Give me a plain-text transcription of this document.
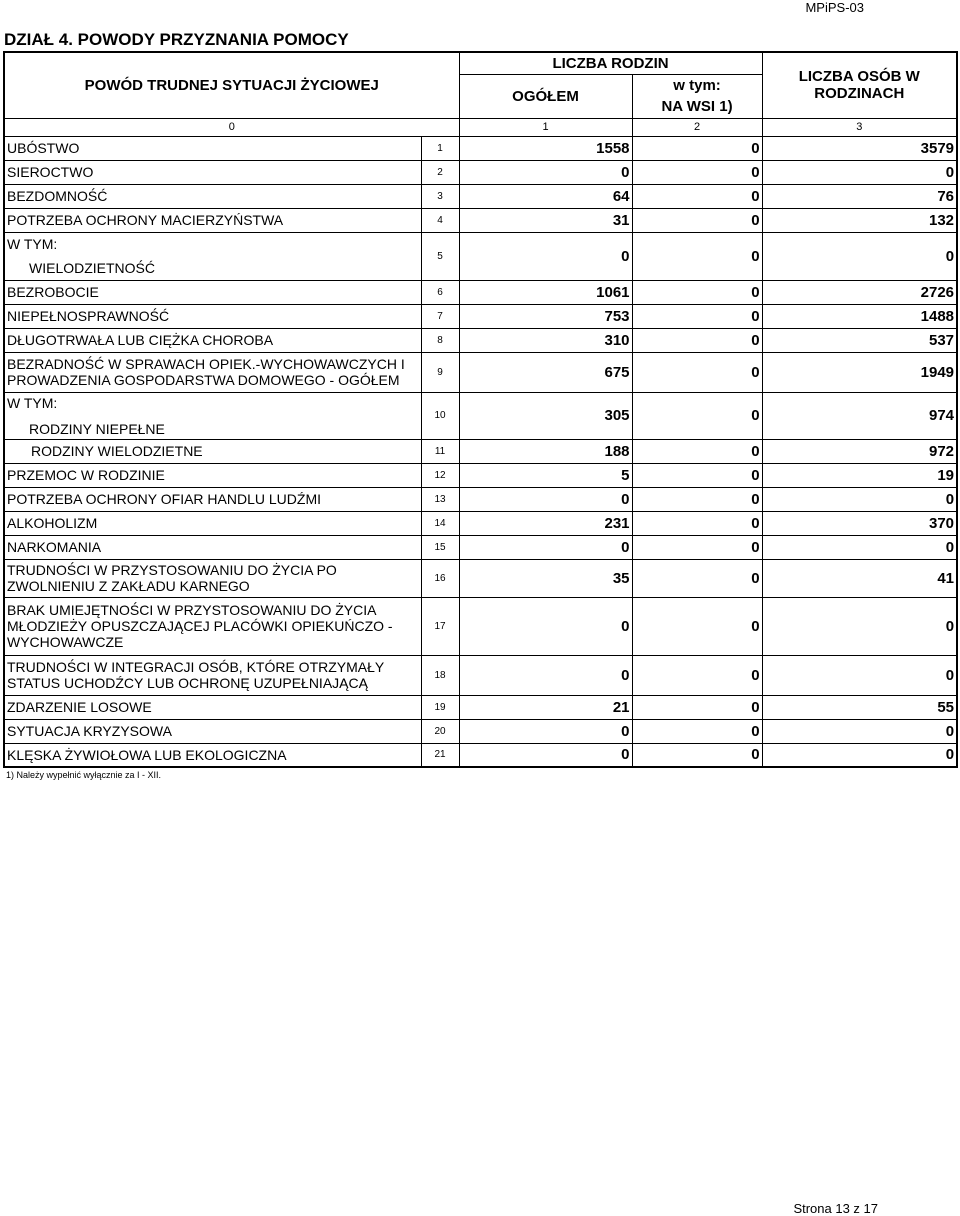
MPiPS-03
DZIAŁ 4. POWODY PRZYZNANIA POMOCY
POWÓD TRUDNEJ SYTUACJI ŻYCIOWEJ		LICZBA RODZIN		LICZBA OSÓB W RODZINACH
		OGÓŁEM	w tym:	
			NA WSI 1)	
0		1	2	3
UBÓSTWO	1	1558	0	3579
SIEROCTWO	2	0	0	0
BEZDOMNOŚĆ	3	64	0	76
POTRZEBA OCHRONY MACIERZYŃSTWA	4	31	0	132

W TYM:
WIELODZIETNOŚĆ	5	0	0	0
BEZROBOCIE	6	1061	0	2726
NIEPEŁNOSPRAWNOŚĆ	7	753	0	1488
DŁUGOTRWAŁA LUB CIĘŻKA CHOROBA	8	310	0	537
BEZRADNOŚĆ W SPRAWACH OPIEK.-WYCHOWAWCZYCH I PROWADZENIA GOSPODARSTWA DOMOWEGO - OGÓŁEM	9	675	0	1949

W TYM:
RODZINY NIEPEŁNE	10	305	0	974
RODZINY WIELODZIETNE	11	188	0	972
PRZEMOC W RODZINIE	12	5	0	19
POTRZEBA OCHRONY OFIAR HANDLU LUDŹMI	13	0	0	0
ALKOHOLIZM	14	231	0	370
NARKOMANIA	15	0	0	0
TRUDNOŚCI W PRZYSTOSOWANIU DO ŻYCIA PO ZWOLNIENIU Z ZAKŁADU KARNEGO	16	35	0	41
BRAK UMIEJĘTNOŚCI W PRZYSTOSOWANIU DO ŻYCIA MŁODZIEŻY OPUSZCZAJĄCEJ PLACÓWKI OPIEKUŃCZO - WYCHOWAWCZE	17	0	0	0
TRUDNOŚCI W INTEGRACJI OSÓB, KTÓRE OTRZYMAŁY STATUS UCHODŹCY LUB OCHRONĘ UZUPEŁNIAJĄCĄ	18	0	0	0
ZDARZENIE LOSOWE	19	21	0	55
SYTUACJA KRYZYSOWA	20	0	0	0
KLĘSKA ŻYWIOŁOWA LUB EKOLOGICZNA	21	0	0	0
1) Należy wypełnić wyłącznie za I - XII.
Strona 13 z 17
